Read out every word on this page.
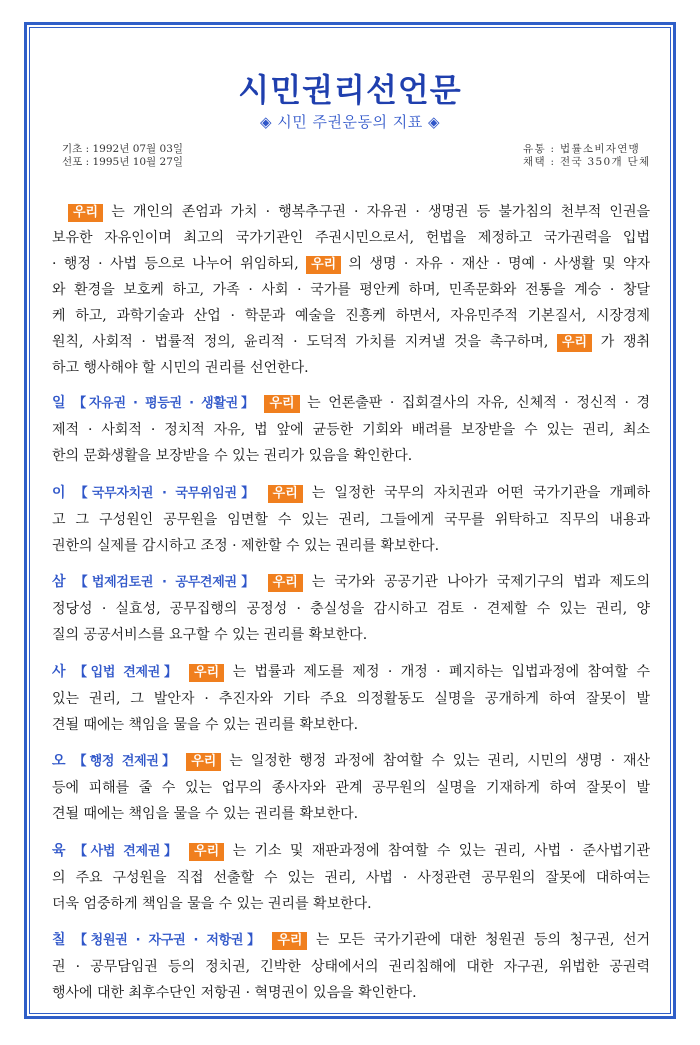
시민권리선언문
◈ 시민 주권운동의 지표 ◈
기초 : 1992년 07월 03일
선포 : 1995년 10월 27일
유통 : 법률소비자연맹
채택 : 전국 350개 단체
우리 는 개인의 존엄과 가치 · 행복추구권 · 자유권 · 생명권 등 불가침의 천부적 인권을
보유한 자유인이며 최고의 국가기관인 주권시민으로서, 헌법을 제정하고 국가권력을 입법
· 행정 · 사법 등으로 나누어 위임하되, 우리 의 생명 · 자유 · 재산 · 명예 · 사생활 및 약자
와 환경을 보호케 하고, 가족 · 사회 · 국가를 평안케 하며, 민족문화와 전통을 계승 · 창달
케 하고, 과학기술과 산업 · 학문과 예술을 진흥케 하면서, 자유민주적 기본질서, 시장경제
원칙, 사회적 · 법률적 정의, 윤리적 · 도덕적 가치를 지켜낼 것을 촉구하며, 우리 가 쟁취
하고 행사해야 할 시민의 권리를 선언한다.
일 【자유권 · 평등권 · 생활권】 우리 는 언론출판 · 집회결사의 자유, 신체적 · 정신적 · 경
제적 · 사회적 · 정치적 자유, 법 앞에 균등한 기회와 배려를 보장받을 수 있는 권리, 최소
한의 문화생활을 보장받을 수 있는 권리가 있음을 확인한다.
이 【국무자치권 · 국무위임권】 우리 는 일정한 국무의 자치권과 어떤 국가기관을 개폐하
고 그 구성원인 공무원을 임면할 수 있는 권리, 그들에게 국무를 위탁하고 직무의 내용과
권한의 실제를 감시하고 조정 · 제한할 수 있는 권리를 확보한다.
삼 【법제검토권 · 공무견제권】 우리 는 국가와 공공기관 나아가 국제기구의 법과 제도의
정당성 · 실효성, 공무집행의 공정성 · 충실성을 감시하고 검토 · 견제할 수 있는 권리, 양
질의 공공서비스를 요구할 수 있는 권리를 확보한다.
사 【입법 견제권】 우리 는 법률과 제도를 제정 · 개정 · 폐지하는 입법과정에 참여할 수
있는 권리, 그 발안자 · 추진자와 기타 주요 의정활동도 실명을 공개하게 하여 잘못이 발
견될 때에는 책임을 물을 수 있는 권리를 확보한다.
오 【행정 견제권】 우리 는 일정한 행정 과정에 참여할 수 있는 권리, 시민의 생명 · 재산
등에 피해를 줄 수 있는 업무의 종사자와 관계 공무원의 실명을 기재하게 하여 잘못이 발
견될 때에는 책임을 물을 수 있는 권리를 확보한다.
육 【사법 견제권】 우리 는 기소 및 재판과정에 참여할 수 있는 권리, 사법 · 준사법기관
의 주요 구성원을 직접 선출할 수 있는 권리, 사법 · 사정관련 공무원의 잘못에 대하여는
더욱 엄중하게 책임을 물을 수 있는 권리를 확보한다.
칠 【청원권 · 자구권 · 저항권】 우리 는 모든 국가기관에 대한 청원권 등의 청구권, 선거
권 · 공무담임권 등의 정치권, 긴박한 상태에서의 권리침해에 대한 자구권, 위법한 공권력
행사에 대한 최후수단인 저항권 · 혁명권이 있음을 확인한다.
